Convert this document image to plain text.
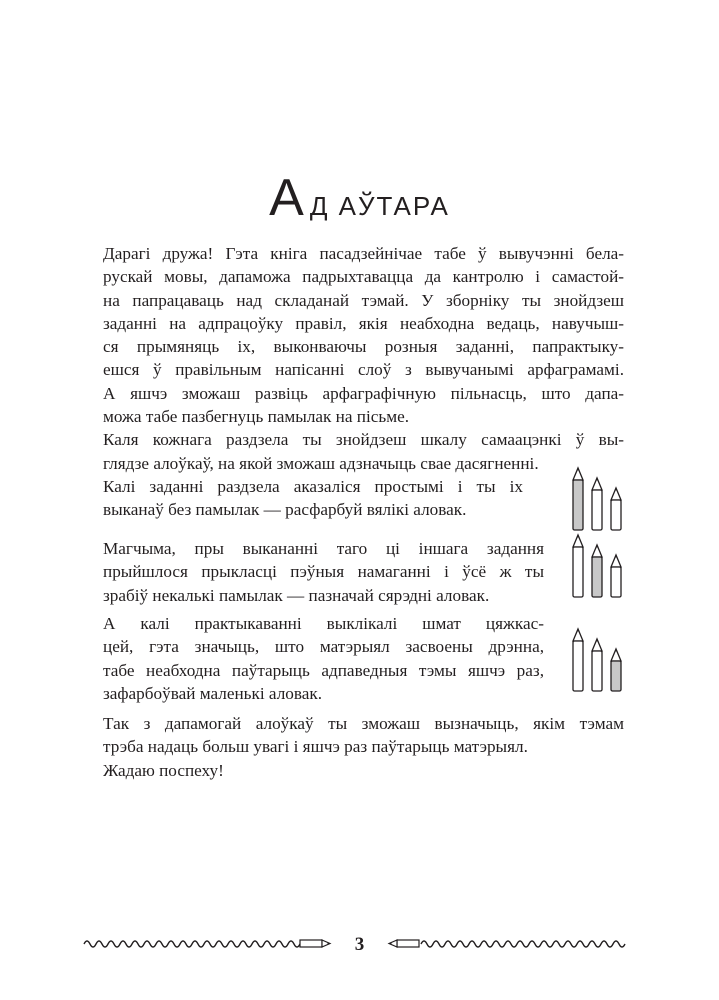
А Д АЎТАРА
Дарагі дружа! Гэта кніга пасадзейнічае табе ў вывучэнні бела-
рускай мовы, дапаможа падрыхтавацца да кантролю і самастой-
на папрацаваць над складанай тэмай. У зборніку ты знойдзеш
заданні на адпрацоўку правіл, якія неабходна ведаць, навучыш-
ся прымяняць іх, выконваючы розныя заданні, папрактыку-
ешся ў правільным напісанні слоў з вывучанымі арфаграмамі.
А яшчэ зможаш развіць арфаграфічную пільнасць, што дапа-
можа табе пазбегнуць памылак на пісьме.
Каля кожнага раздзела ты знойдзеш шкалу самаацэнкі ў вы-
глядзе алоўкаў, на якой зможаш адзначыць свае дасягненні.
Калі заданні раздзела аказаліся простымі і ты іх
выканаў без памылак — расфарбуй вялікі аловак.
Магчыма, пры выкананні таго ці іншага задання
прыйшлося прыкласці пэўныя намаганні і ўсё ж ты
зрабіў некалькі памылак — пазначай сярэдні аловак.
А калі практыкаванні выклікалі шмат цяжкас-
цей, гэта значыць, што матэрыял засвоены дрэнна,
табе неабходна паўтарыць адпаведныя тэмы яшчэ раз,
зафарбоўвай маленькі аловак.
Так з дапамогай алоўкаў ты зможаш вызначыць, якім тэмам
трэба надаць больш увагі і яшчэ раз паўтарыць матэрыял.
Жадаю поспеху!
3
